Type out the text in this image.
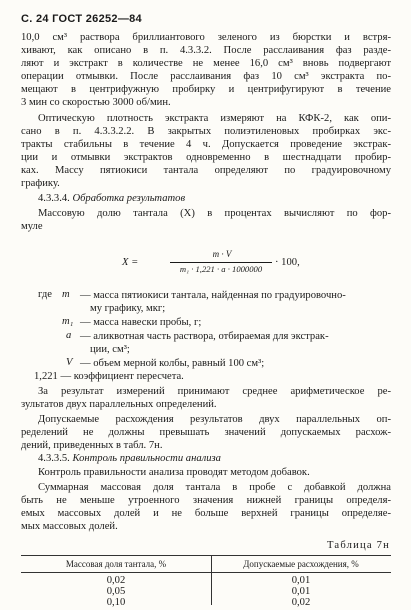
С. 24 ГОСТ 26252—84
10,0 см³ раствора бриллиантового зеленого из бюрстки и встря-
хивают, как описано в п. 4.3.3.2. После расслаивания фаз разде-
ляют и экстракт в количестве не менее 16,0 см³ вновь подвергают
операции отмывки. После расслаивания фаз 10 см³ экстракта по-
мещают в центрифужную пробирку и центрифугируют в течение
3 мин со скоростью 3000 об/мин.
Оптическую плотность экстракта измеряют на КФК-2, как опи-
сано в п. 4.3.3.2.2. В закрытых полиэтиленовых пробирках экс-
тракты стабильны в течение 4 ч. Допускается проведение экстрак-
ции и отмывки экстрактов одновременно в шестнадцати пробир-
ках. Массу пятиокиси тантала определяют по градуировочному
графику.
4.3.3.4. Обработка результатов
Массовую долю тантала (X) в процентах вычисляют по фор-
муле
X =
m · V
m₁ · 1,221 · a · 1000000
· 100,
где m — масса пятиокиси тантала, найденная по градуировочно-
му графику, мкг;
m₁ — масса навески пробы, г;
a — аликвотная часть раствора, отбираемая для экстрак-
ции, см³;
V — объем мерной колбы, равный 100 см³;
1,221 — коэффициент пересчета.
За результат измерений принимают среднее арифметическое ре-
зультатов двух параллельных определений.
Допускаемые расхождения результатов двух параллельных оп-
ределений не должны превышать значений допускаемых расхож-
дений, приведенных в табл. 7н.
4.3.3.5. Контроль правильности анализа
Контроль правильности анализа проводят методом добавок.
Суммарная массовая доля тантала в пробе с добавкой должна
быть не меньше утроенного значения нижней границы определя-
емых массовых долей и не больше верхней границы определяе-
мых массовых долей.
Таблица 7н
Массовая доля тантала, %	Допускаемые расхождения, %
0,02	0,01
0,05	0,01
0,10	0,02
